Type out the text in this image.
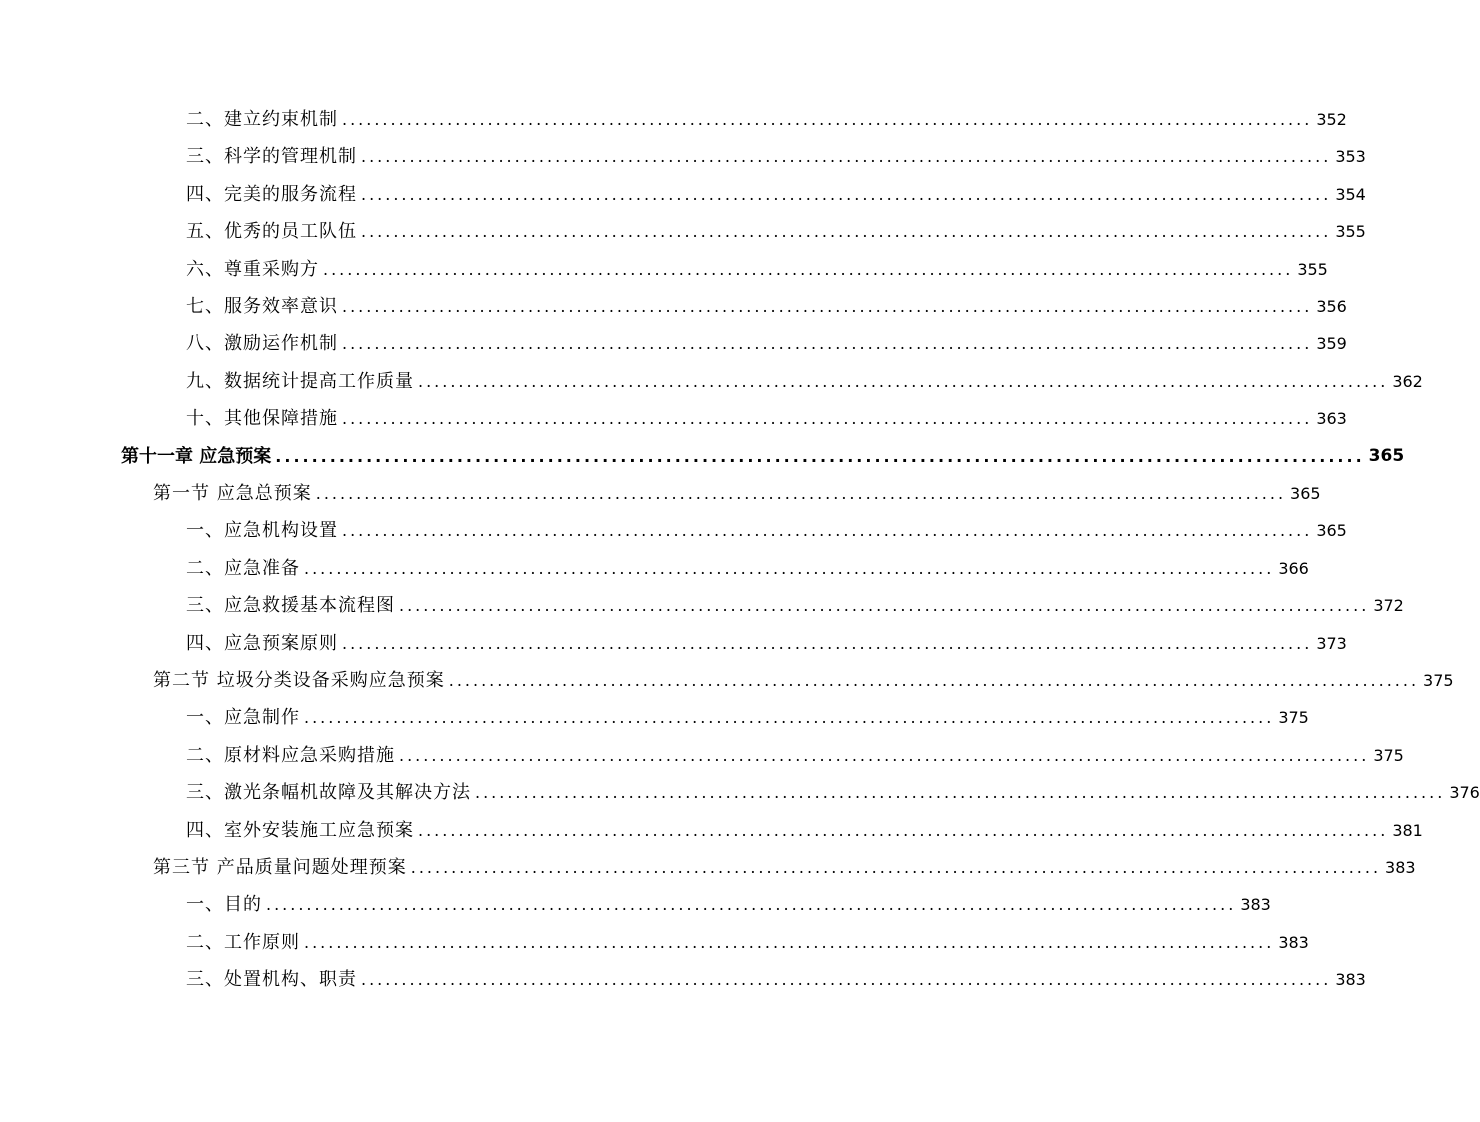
二、建立约束机制 ........................................................................................................................ 352
三、科学的管理机制 ........................................................................................................................ 353
四、完美的服务流程 ........................................................................................................................ 354
五、优秀的员工队伍 ........................................................................................................................ 355
六、尊重采购方 ........................................................................................................................ 355
七、服务效率意识 ........................................................................................................................ 356
八、激励运作机制 ........................................................................................................................ 359
九、数据统计提高工作质量 ........................................................................................................................ 362
十、其他保障措施 ........................................................................................................................ 363
第十一章 应急预案 ........................................................................................................................ 365
第一节 应急总预案 ........................................................................................................................ 365
一、应急机构设置 ........................................................................................................................ 365
二、应急准备 ........................................................................................................................ 366
三、应急救援基本流程图 ........................................................................................................................ 372
四、应急预案原则 ........................................................................................................................ 373
第二节 垃圾分类设备采购应急预案 ........................................................................................................................ 375
一、应急制作 ........................................................................................................................ 375
二、原材料应急采购措施 ........................................................................................................................ 375
三、激光条幅机故障及其解决方法 ........................................................................................................................ 376
四、室外安装施工应急预案 ........................................................................................................................ 381
第三节 产品质量问题处理预案 ........................................................................................................................ 383
一、目的 ........................................................................................................................ 383
二、工作原则 ........................................................................................................................ 383
三、处置机构、职责 ........................................................................................................................ 383
